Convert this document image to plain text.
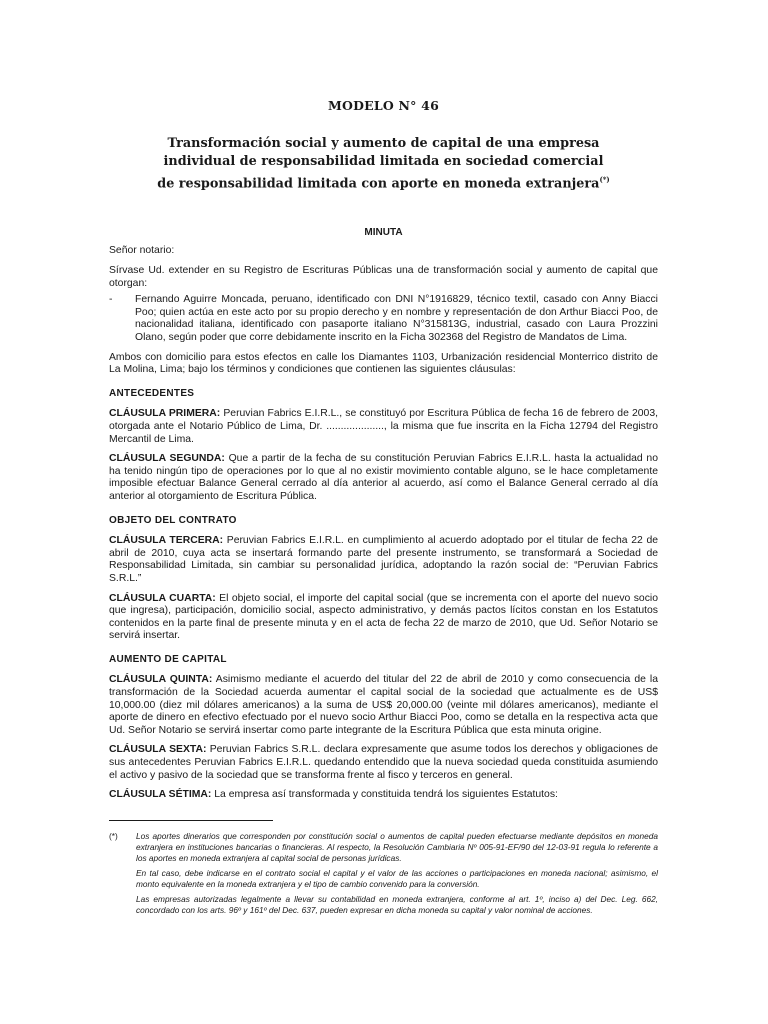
MODELO N° 46
Transformación social y aumento de capital de una empresa
individual de responsabilidad limitada en sociedad comercial
de responsabilidad limitada con aporte en moneda extranjera(*)
MINUTA

Señor notario:

Sírvase Ud. extender en su Registro de Escrituras Públicas una de transformación social y aumento de capital que otorgan:

-	Fernando Aguirre Moncada, peruano, identificado con DNI N°1916829, técnico textil, casado con Anny Biacci Poo; quien actúa en este acto por su propio derecho y en nombre y representación de don Arthur Biacci Poo, de nacionalidad italiana, identificado con pasaporte italiano N°315813G, industrial, casado con Laura Prozzini Olano, según poder que corre debidamente inscrito en la Ficha 302368 del Registro de Mandatos de Lima.

Ambos con domicilio para estos efectos en calle los Diamantes 1103, Urbanización residencial Monterrico distrito de La Molina, Lima; bajo los términos y condiciones que contienen las siguientes cláusulas:

ANTECEDENTES

CLÁUSULA PRIMERA: Peruvian Fabrics E.I.R.L., se constituyó por Escritura Pública de fecha 16 de febrero de 2003, otorgada ante el Notario Público de Lima, Dr. ...................., la misma que fue inscrita en la Ficha 12794 del Registro Mercantil de Lima.

CLÁUSULA SEGUNDA: Que a partir de la fecha de su constitución Peruvian Fabrics E.I.R.L. hasta la actualidad no ha tenido ningún tipo de operaciones por lo que al no existir movimiento contable alguno, se le hace completamente imposible efectuar Balance General cerrado al día anterior al acuerdo, así como el Balance General cerrado al día anterior al otorgamiento de Escritura Pública.

OBJETO DEL CONTRATO

CLÁUSULA TERCERA: Peruvian Fabrics E.I.R.L. en cumplimiento al acuerdo adoptado por el titular de fecha 22 de abril de 2010, cuya acta se insertará formando parte del presente instrumento, se transformará a Sociedad de Responsabilidad Limitada, sin cambiar su personalidad jurídica, adoptando la razón social de: “Peruvian Fabrics S.R.L.”

CLÁUSULA CUARTA: El objeto social, el importe del capital social (que se incrementa con el aporte del nuevo socio que ingresa), participación, domicilio social, aspecto administrativo, y demás pactos lícitos constan en los Estatutos contenidos en la parte final de presente minuta y en el acta de fecha 22 de marzo de 2010, que Ud. Señor Notario se servirá insertar.

AUMENTO DE CAPITAL

CLÁUSULA QUINTA: Asimismo mediante el acuerdo del titular del 22 de abril de 2010 y como consecuencia de la transformación de la Sociedad acuerda aumentar el capital social de la sociedad que actualmente es de US$ 10,000.00 (diez mil dólares americanos) a la suma de US$ 20,000.00 (veinte mil dólares americanos), mediante el aporte de dinero en efectivo efectuado por el nuevo socio Arthur Biacci Poo, como se detalla en la respectiva acta que Ud. Señor Notario se servirá insertar como parte integrante de la Escritura Pública que esta minuta origine.

CLÁUSULA SEXTA: Peruvian Fabrics S.R.L. declara expresamente que asume todos los derechos y obligaciones de sus antecedentes Peruvian Fabrics E.I.R.L. quedando entendido que la nueva sociedad queda constituida asumiendo el activo y pasivo de la sociedad que se transforma frente al fisco y terceros en general.

CLÁUSULA SÉTIMA: La empresa así transformada y constituida tendrá los siguientes Estatutos:

(*)	Los aportes dinerarios que corresponden por constitución social o aumentos de capital pueden efectuarse mediante depósitos en moneda extranjera en instituciones bancarias o financieras. Al respecto, la Resolución Cambiaria Nº 005-91-EF/90 del 12-03-91 regula lo referente a los aportes en moneda extranjera al capital social de personas jurídicas.

En tal caso, debe indicarse en el contrato social el capital y el valor de las acciones o participaciones en moneda nacional; asimismo, el monto equivalente en la moneda extranjera y el tipo de cambio convenido para la conversión.

Las empresas autorizadas legalmente a llevar su contabilidad en moneda extranjera, conforme al art. 1º, inciso a) del Dec. Leg. 662, concordado con los arts. 96º y 161º del Dec. 637, pueden expresar en dicha moneda su capital y valor nominal de acciones.
